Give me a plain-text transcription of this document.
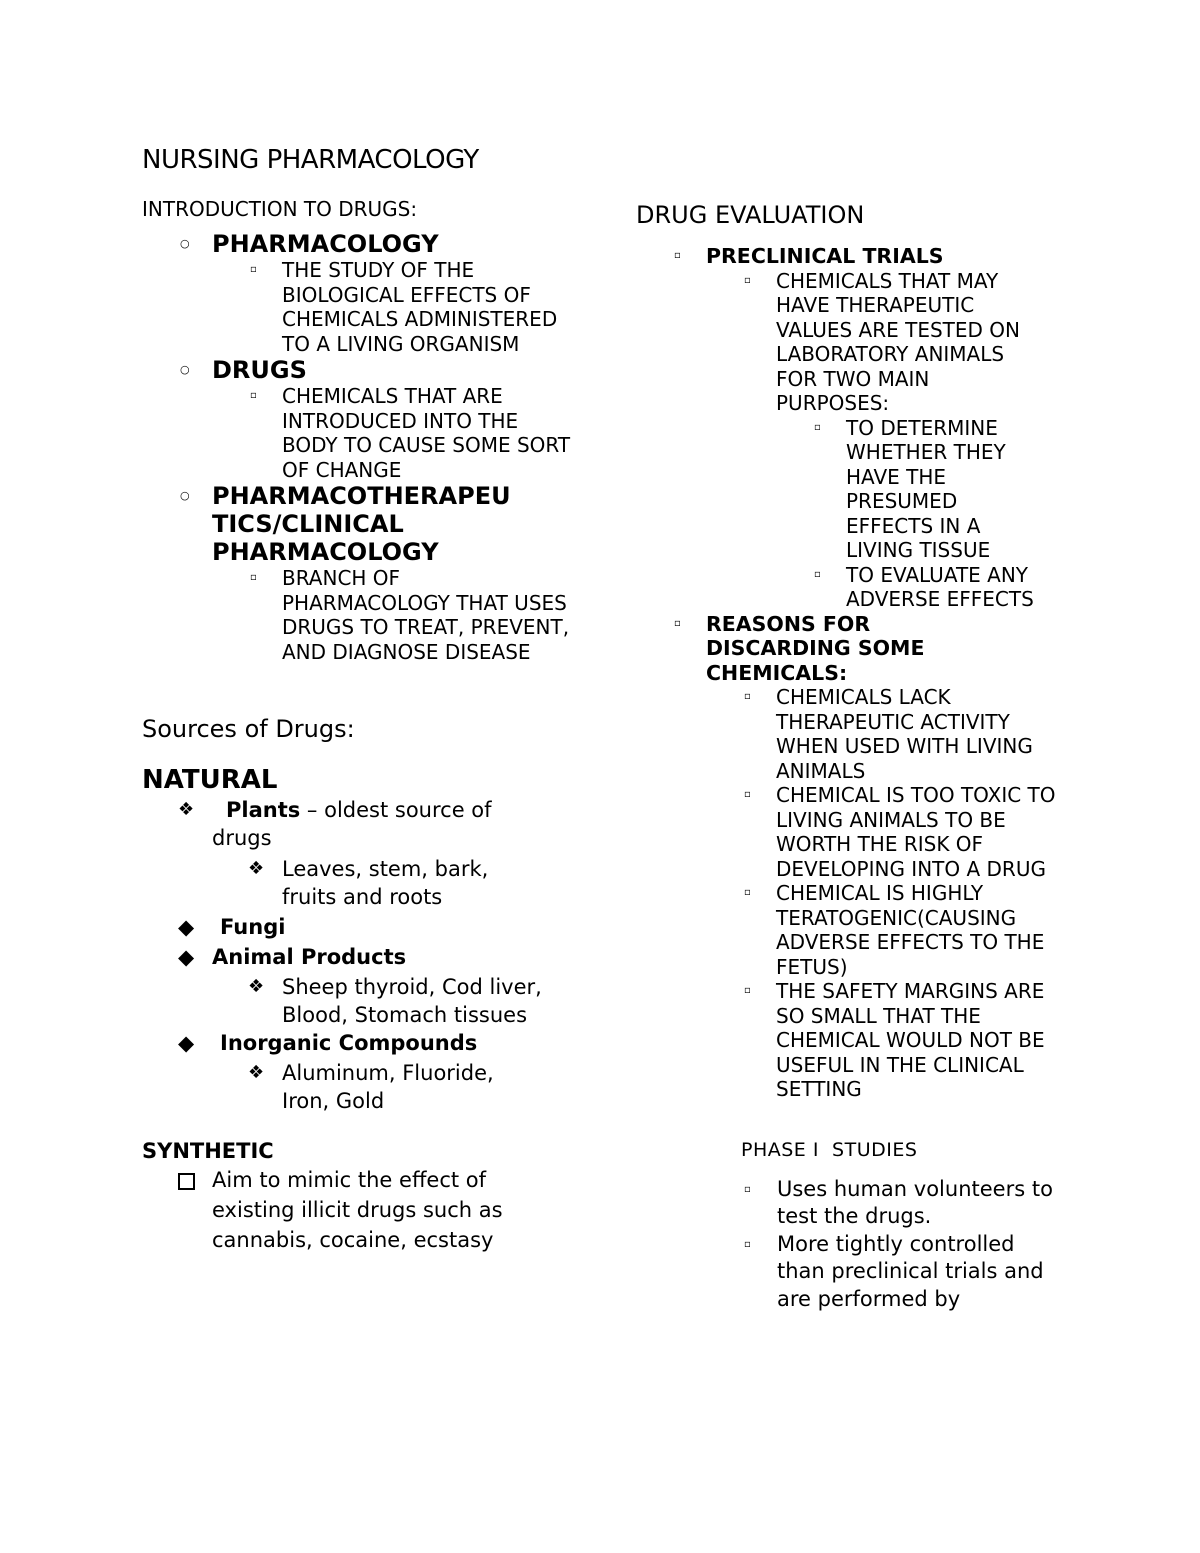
NURSING PHARMACOLOGY
INTRODUCTION TO DRUGS:
○ PHARMACOLOGY
▫ THE STUDY OF THE BIOLOGICAL EFFECTS OF CHEMICALS ADMINISTERED TO A LIVING ORGANISM
○ DRUGS
▫ CHEMICALS THAT ARE INTRODUCED INTO THE BODY TO CAUSE SOME SORT OF CHANGE
○ PHARMACOTHERAPEU TICS/CLINICAL PHARMACOLOGY
▫ BRANCH OF PHARMACOLOGY THAT USES DRUGS TO TREAT, PREVENT, AND DIAGNOSE DISEASE
Sources of Drugs:
NATURAL
❖	Plants – oldest source of drugs
❖ Leaves, stem, bark, fruits and roots
◆ Fungi
◆ Animal Products
❖ Sheep thyroid, Cod liver, Blood, Stomach tissues
◆ Inorganic Compounds
❖ Aluminum, Fluoride, Iron, Gold
SYNTHETIC
Aim to mimic the effect of existing illicit drugs such as cannabis, cocaine, ecstasy
DRUG EVALUATION
▫ PRECLINICAL TRIALS
▫ CHEMICALS THAT MAY HAVE THERAPEUTIC VALUES ARE TESTED ON LABORATORY ANIMALS FOR TWO MAIN PURPOSES:
▫ TO DETERMINE WHETHER THEY HAVE THE PRESUMED EFFECTS IN A LIVING TISSUE
▫ TO EVALUATE ANY ADVERSE EFFECTS
▫ REASONS FOR DISCARDING SOME CHEMICALS:
▫ CHEMICALS LACK THERAPEUTIC ACTIVITY WHEN USED WITH LIVING ANIMALS
▫ CHEMICAL IS TOO TOXIC TO LIVING ANIMALS TO BE WORTH THE RISK OF DEVELOPING INTO A DRUG
▫ CHEMICAL IS HIGHLY TERATOGENIC(CAUSING ADVERSE EFFECTS TO THE FETUS)
▫ THE SAFETY MARGINS ARE SO SMALL THAT THE CHEMICAL WOULD NOT BE USEFUL IN THE CLINICAL SETTING
PHASE I  STUDIES
▫ Uses human volunteers to test the drugs.
▫ More tightly controlled than preclinical trials and are performed by
